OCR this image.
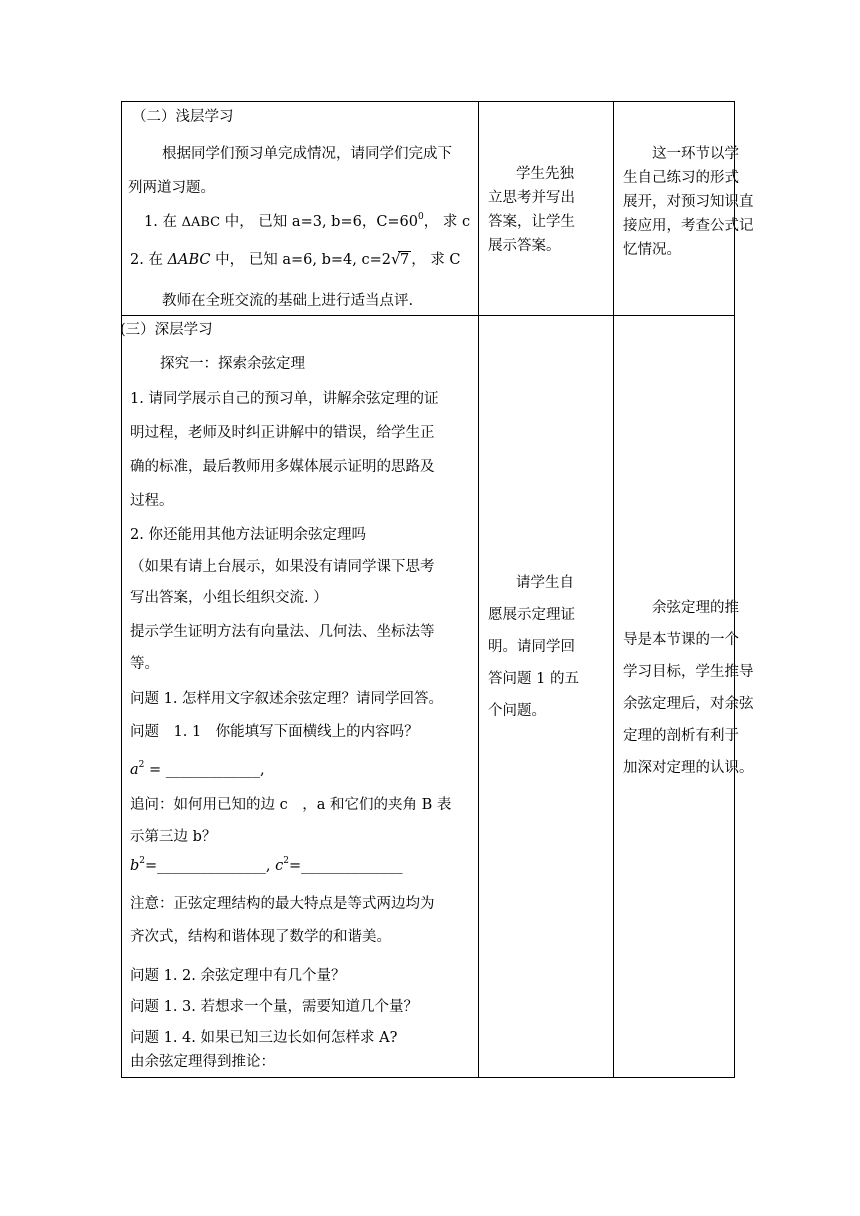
（二）浅层学习
根据同学们预习单完成情况，请同学们完成下
列两道习题。
1. 在 ΔABC 中， 已知 a=3, b=6，$C=60^0$， 求 c
2. 在 ΔABC 中， 已知 a=6, b=4, c=2 √ 7 ， 求 C
教师在全班交流的基础上进行适当点评.
学生先独
立思考并写出
答案，让学生
展示答案。
这一环节以学
生自己练习的形式
展开，对预习知识直
接应用，考查公式记
忆情况。
(三）深层学习
探究一：探索余弦定理
1. 请同学展示自己的预习单，讲解余弦定理的证
明过程，老师及时纠正讲解中的错误，给学生正
确的标准，最后教师用多媒体展示证明的思路及
过程。
2. 你还能用其他方法证明余弦定理吗
（如果有请上台展示，如果没有请同学课下思考
写出答案，小组长组织交流. ）
提示学生证明方法有向量法、几何法、坐标法等
等。
问题 1. 怎样用文字叙述余弦定理？请同学回答。
问题　1. 1　你能填写下面横线上的内容吗？
$a^2$ = _____________,
追问：如何用已知的边 c　，a 和它们的夹角 B 表
示第三边 b？
$b^2=\_\_\_\_\_\_\_\_\_\_\_\_\_\_\_$, $c^2=\_\_\_\_\_\_\_\_\_\_\_\_\_\_$
注意：正弦定理结构的最大特点是等式两边均为
齐次式，结构和谐体现了数学的和谐美。
问题 1. 2. 余弦定理中有几个量？
问题 1. 3. 若想求一个量，需要知道几个量？
问题 1. 4. 如果已知三边长如何怎样求 A?
由余弦定理得到推论：
请学生自
愿展示定理证
明。请同学回
答问题 1 的五
个问题。
余弦定理的推
导是本节课的一个
学习目标，学生推导
余弦定理后，对余弦
定理的剖析有利于
加深对定理的认识。
